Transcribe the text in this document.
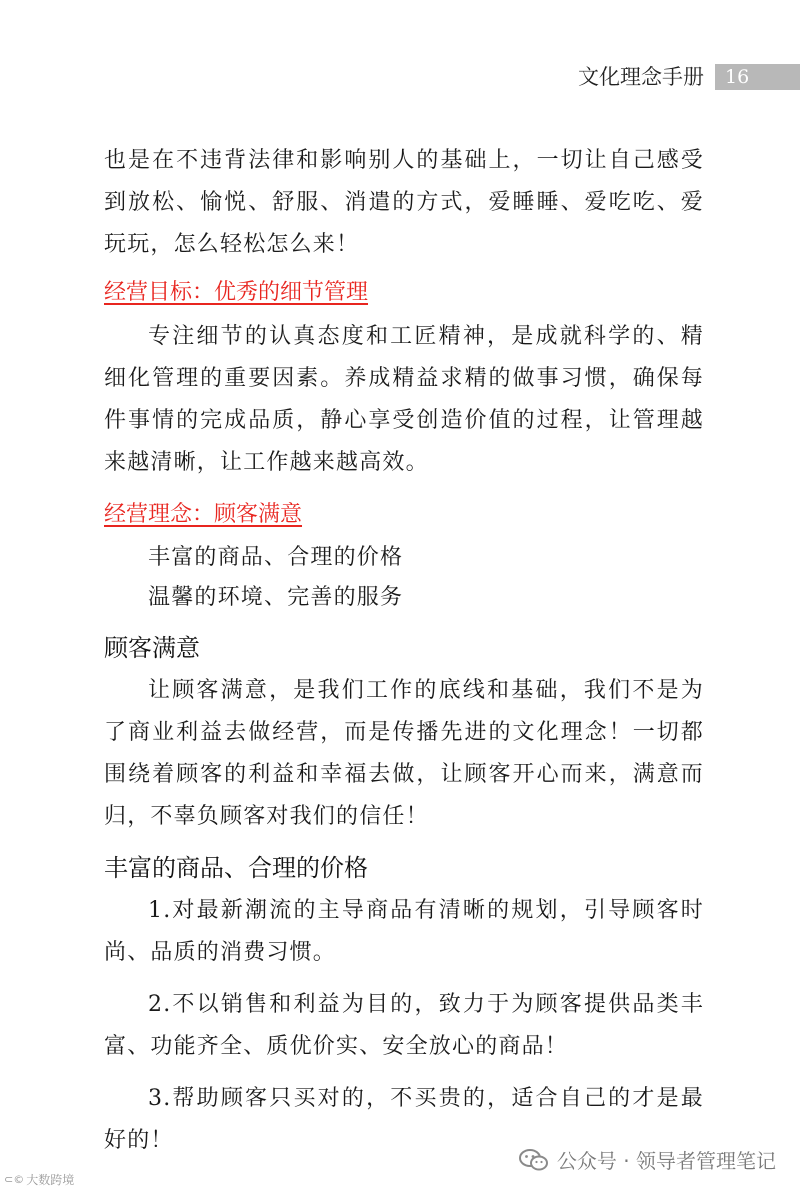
文化理念手册	16

也是在不违背法律和影响别人的基础上，一切让自己感受到放松、愉悦、舒服、消遣的方式，爱睡睡、爱吃吃、爱玩玩，怎么轻松怎么来！

经营目标：优秀的细节管理

专注细节的认真态度和工匠精神，是成就科学的、精细化管理的重要因素。养成精益求精的做事习惯，确保每件事情的完成品质，静心享受创造价值的过程，让管理越来越清晰，让工作越来越高效。

经营理念：顾客满意
丰富的商品、合理的价格
温馨的环境、完善的服务
顾客满意

让顾客满意，是我们工作的底线和基础，我们不是为了商业利益去做经营，而是传播先进的文化理念！一切都围绕着顾客的利益和幸福去做，让顾客开心而来，满意而归，不辜负顾客对我们的信任！

丰富的商品、合理的价格

1.对最新潮流的主导商品有清晰的规划，引导顾客时尚、品质的消费习惯。

2.不以销售和利益为目的，致力于为顾客提供品类丰富、功能齐全、质优价实、安全放心的商品！

3.帮助顾客只买对的，不买贵的，适合自己的才是最好的！

⊂© 大数跨境
公众号 · 领导者管理笔记
